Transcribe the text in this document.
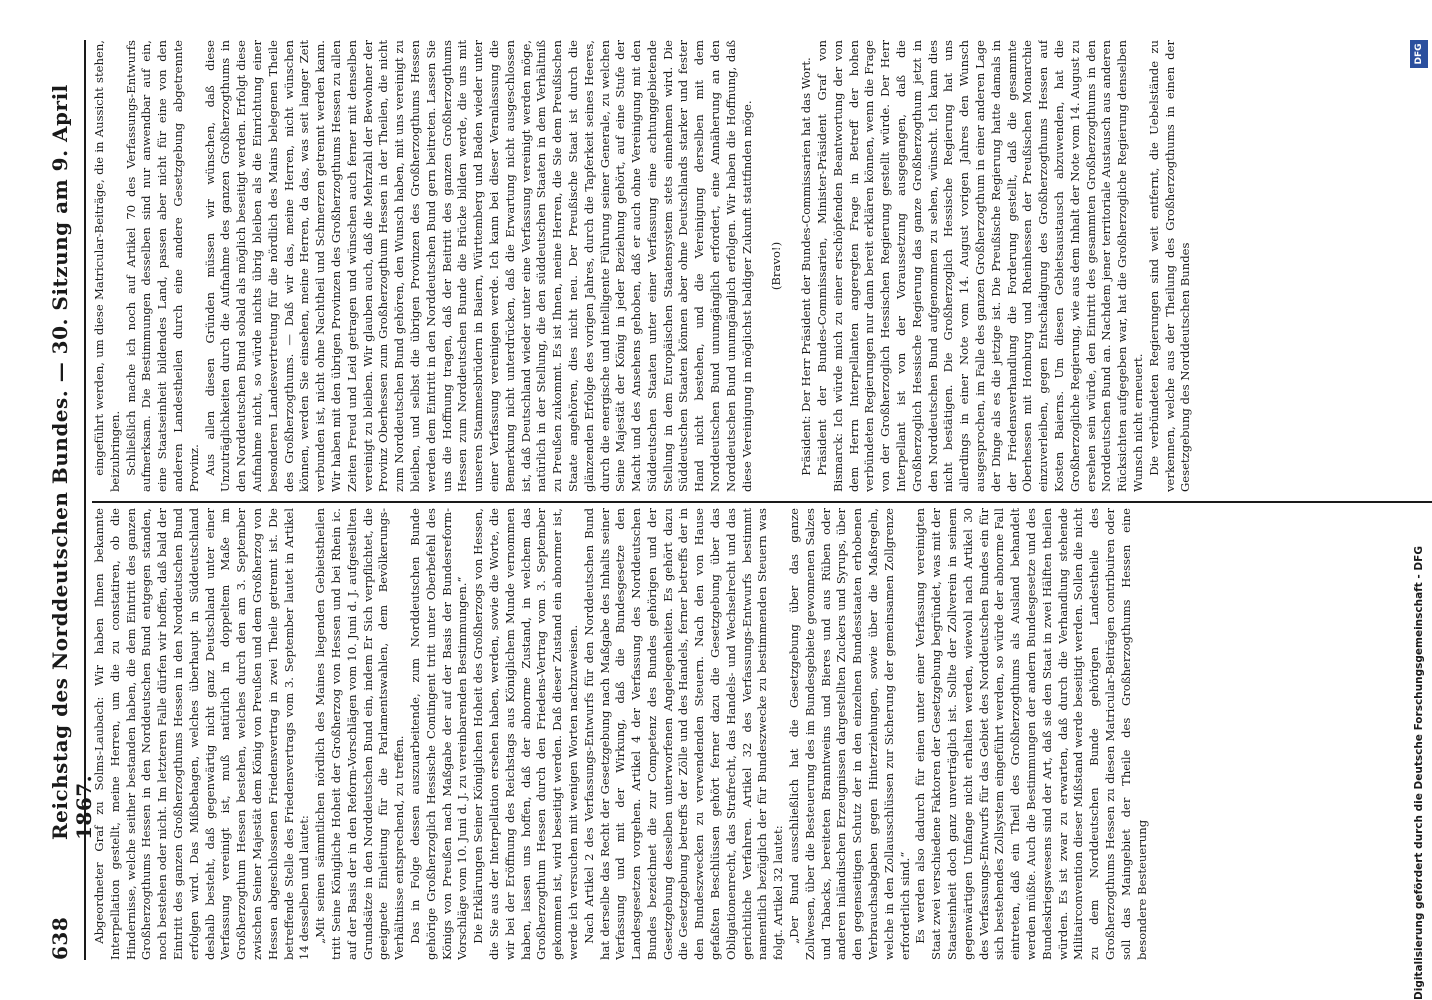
638
Reichstag des Norddeutschen Bundes. — 30. Sitzung am 9. April 1867.

Abgeordneter Graf zu Solms-Laubach: Wir haben Ihnen bekannte Interpellation gestellt, meine Herren, um die zu constatiren, ob die Hindernisse, welche seither bestanden haben, die dem Eintritt des ganzen Großherzogthums Hessen in den Norddeutschen Bund entgegen standen, noch bestehen oder nicht. Im letzteren Falle dürfen wir hoffen, daß bald der Eintritt des ganzen Großherzogthums Hessen in den Norddeutschen Bund erfolgen wird. Das Mißbehagen, welches überhaupt in Süddeutschland deshalb besteht, daß gegenwärtig nicht ganz Deutschland unter einer Verfassung vereinigt ist, muß natürlich in doppeltem Maße im Großherzogthum Hessen bestehen, welches durch den am 3. September zwischen Seiner Majestät dem König von Preußen und dem Großherzog von Hessen abgeschlossenen Friedensvertrag in zwei Theile getrennt ist. Die betreffende Stelle des Friedensvertrags vom 3. September lautet in Artikel 14 desselben und lautet: „Mit seinen sämmtlichen nördlich des Maines liegenden Gebietstheilen tritt Seine Königliche Hoheit der Großherzog von Hessen und bei Rhein ic. auf der Basis der in den Reform-Vorschlägen vom 10. Juni d. J. aufgestellten Grundsätze in den Norddeutschen Bund ein, indem Er Sich verpflichtet, die geeignete Einleitung für die Parlamentswahlen, dem Bevölkerungs-Verhältnisse entsprechend, zu treffen. Das in Folge dessen auszuarbeitende, zum Norddeutschen Bunde gehörige Großherzoglich Hessische Contingent tritt unter Oberbefehl des Königs von Preußen nach Maßgabe der auf der Basis der Bundesreform-Vorschläge vom 10. Juni d. J. zu vereinbarenden Bestimmungen.“ Die Erklärungen Seiner Königlichen Hoheit des Großherzogs von Hessen, die Sie aus der Interpellation ersehen haben, werden, sowie die Worte, die wir bei der Eröffnung des Reichstags aus Königlichem Munde vernommen haben, lassen uns hoffen, daß der abnorme Zustand, in welchem das Großherzogthum Hessen durch den Friedens-Vertrag vom 3. September gekommen ist, wird beseitigt werden. Daß dieser Zustand ein abnormer ist, werde ich versuchen mit wenigen Worten nachzuweisen. Nach Artikel 2 des Verfassungs-Entwurfs für den Norddeutschen Bund hat derselbe das Recht der Gesetzgebung nach Maßgabe des Inhalts seiner Verfassung und mit der Wirkung, daß die Bundesgesetze den Landesgesetzen vorgehen. Artikel 4 der Verfassung des Norddeutschen Bundes bezeichnet die zur Competenz des Bundes gehörigen und der Gesetzgebung desselben unterworfenen Angelegenheiten. Es gehört dazu die Gesetzgebung betreffs der Zölle und des Handels, ferner betreffs der in den Bundeszwecken zu verwendenden Steuern. Nach den von Hause gefaßten Beschlüssen gehört ferner dazu die Gesetzgebung über das Obligationenrecht, das Strafrecht, das Handels- und Wechselrecht und das gerichtliche Verfahren. Artikel 32 des Verfassungs-Entwurfs bestimmt namentlich bezüglich der für Bundeszwecke zu bestimmenden Steuern was folgt. Artikel 32 lautet: „Der Bund ausschließlich hat die Gesetzgebung über das ganze Zollwesen, über die Besteuerung des im Bundesgebiete gewonnenen Salzes und Tabacks, bereiteten Branntweins und Bieres und aus Rüben oder anderen inländischen Erzeugnissen dargestellten Zuckers und Syrups, über den gegenseitigen Schutz der in den einzelnen Bundesstaaten erhobenen Verbrauchsabgaben gegen Hinterziehungen, sowie über die Maßregeln, welche in den Zollausschlüssen zur Sicherung der gemeinsamen Zollgrenze erforderlich sind.“ Es werden also dadurch für einen unter einer Verfassung vereinigten Staat zwei verschiedene Faktoren der Gesetzgebung begründet, was mit der Staatseinheit doch ganz unverträglich ist. Sollte der Zollverein in seinem gegenwärtigen Umfange nicht erhalten werden, wiewohl nach Artikel 30 des Verfassungs-Entwurfs für das Gebiet des Norddeutschen Bundes ein für sich bestehendes Zollsystem eingeführt werden, so würde der abnorme Fall eintreten, daß ein Theil des Großherzogthums als Ausland behandelt werden müßte. Auch die Bestimmungen der andern Bundesgesetze und des Bundeskriegswesens sind der Art, daß sie den Staat in zwei Hälften theilen würden. Es ist zwar zu erwarten, daß durch die Verhandlung stehende Militairconvention dieser Mißstand werde beseitigt werden. Sollen die nicht zu dem Norddeutschen Bunde gehörigen Landestheile des Großherzogthums Hessen zu diesen Matricular-Beiträgen contribuiren oder soll das Maingebiet der Theile des Großherzogthums Hessen eine besondere Besteuerung

eingeführt werden, um diese Matricular-Beiträge, die in Aussicht stehen, beizubringen. Schließlich mache ich noch auf Artikel 70 des Verfassungs-Entwurfs aufmerksam. Die Bestimmungen desselben sind nur anwendbar auf ein, eine Staatseinheit bildendes Land, passen aber nicht für eine von den anderen Landestheilen durch eine andere Gesetzgebung abgetrennte Provinz. Aus allen diesen Gründen müssen wir wünschen, daß diese Unzuträglichkeiten durch die Aufnahme des ganzen Großherzogthums in den Norddeutschen Bund sobald als möglich beseitigt werden. Erfolgt diese Aufnahme nicht, so würde nichts übrig bleiben als die Einrichtung einer besonderen Landesvertretung für die nördlich des Mains belegenen Theile des Großherzogthums. — Daß wir das, meine Herren, nicht wünschen können, werden Sie einsehen, meine Herren, da das, was seit langer Zeit verbunden ist, nicht ohne Nachtheil und Schmerzen getrennt werden kann. Wir haben mit den übrigen Provinzen des Großherzogthums Hessen zu allen Zeiten Freud und Leid getragen und wünschen auch ferner mit denselben vereinigt zu bleiben. Wir glauben auch, daß die Mehrzahl der Bewohner der Provinz Oberhessen zum Großherzogthum Hessen in der Theilen, die nicht zum Norddeutschen Bund gehören, den Wunsch haben, mit uns vereinigt zu bleiben, und selbst die übrigen Provinzen des Großherzogthums Hessen werden dem Eintritt in den Norddeutschen Bund gern beitreten. Lassen Sie uns die Hoffnung tragen, daß der Beitritt des ganzen Großherzogthums Hessen zum Norddeutschen Bunde die Brücke bilden werde, die uns mit unseren Stammesbrüdern in Baiern, Württemberg und Baden wieder unter einer Verfassung vereinigen werde. Ich kann bei dieser Veranlassung die Bemerkung nicht unterdrücken, daß die Erwartung nicht ausgeschlossen ist, daß Deutschland wieder unter eine Verfassung vereinigt werden möge, natürlich in der Stellung, die den süddeutschen Staaten in dem Verhältniß zu Preußen zukommt. Es ist Ihnen, meine Herren, die Sie dem Preußischen Staate angehören, dies nicht neu. Der Preußische Staat ist durch die glänzenden Erfolge des vorigen Jahres, durch die Tapferkeit seines Heeres, durch die energische und intelligente Führung seiner Generale, zu welchen Seine Majestät der König in jeder Beziehung gehört, auf eine Stufe der Macht und des Ansehens gehoben, daß er auch ohne Vereinigung mit den Süddeutschen Staaten unter einer Verfassung eine achtunggebietende Stellung in dem Europäischen Staatensystem stets einnehmen wird. Die Süddeutschen Staaten können aber ohne Deutschlands starker und fester Hand nicht bestehen, und die Vereinigung derselben mit dem Norddeutschen Bund unumgänglich erfordert, eine Annäherung an den Norddeutschen Bund unumgänglich erfolgen. Wir haben die Hoffnung, daß diese Vereinigung in möglichst baldiger Zukunft stattfinden möge. (Bravo!) Präsident: Der Herr Präsident der Bundes-Commissarien hat das Wort. Präsident der Bundes-Commissarien, Minister-Präsident Graf von Bismarck: Ich würde mich zu einer erschöpfenden Beantwortung der von dem Herrn Interpellanten angeregten Frage in Betreff der hohen verbündeten Regierungen nur dann bereit erklären können, wenn die Frage von der Großherzoglich Hessischen Regierung gestellt würde. Der Herr Interpellant ist von der Voraussetzung ausgegangen, daß die Großherzoglich Hessische Regierung das ganze Großherzogthum jetzt in den Norddeutschen Bund aufgenommen zu sehen, wünscht. Ich kann dies nicht bestätigen. Die Großherzoglich Hessische Regierung hat uns allerdings in einer Note vom 14. August vorigen Jahres den Wunsch ausgesprochen, im Falle des ganzen Großherzogthum in einer anderen Lage der Dinge als es die jetzige ist. Die Preußische Regierung hatte damals in der Friedensverhandlung die Forderung gestellt, daß die gesammte Oberhessen mit Homburg und Rheinhessen der Preußischen Monarchie einzuverleiben, gegen Entschädigung des Großherzogthums Hessen auf Kosten Baierns. Um diesen Gebietsaustausch abzuwenden, hat die Großherzogliche Regierung, wie aus dem Inhalt der Note vom 14. August zu ersehen sein würde, den Eintritt des gesammten Großherzogthums in den Norddeutschen Bund an. Nachdem jener territoriale Austausch aus anderen Rücksichten aufgegeben war, hat die Großherzogliche Regierung denselben Wunsch nicht erneuert. Die verbündeten Regierungen sind weit entfernt, die Uebelstände zu verkennen, welche aus der Theilung des Großherzogthums in einen der Gesetzgebung des Norddeutschen Bundes

DFG
Digitalisierung gefördert durch die Deutsche Forschungsgemeinschaft - DFG
